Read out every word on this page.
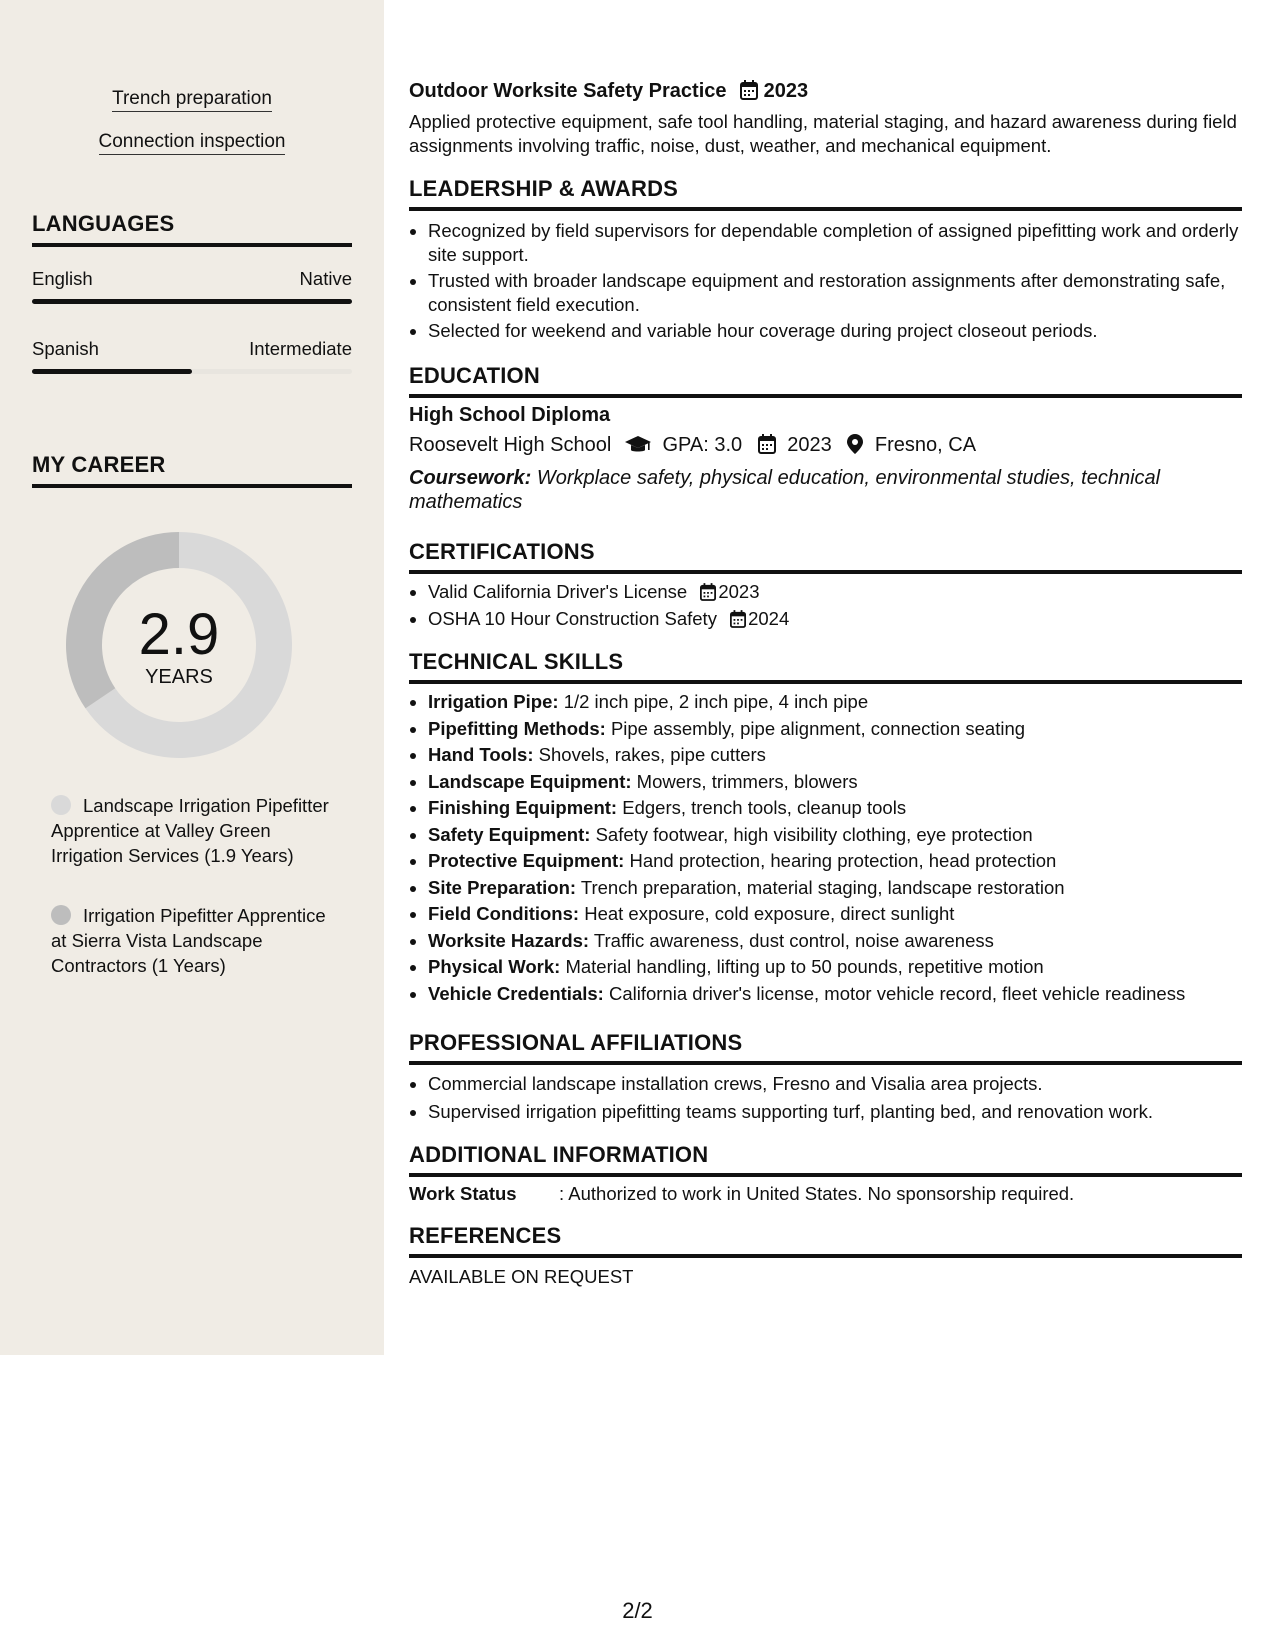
Trench preparation
Connection inspection
LANGUAGES
English	Native
Spanish	Intermediate
MY CAREER
2.9
YEARS
Landscape Irrigation Pipefitter Apprentice at Valley Green Irrigation Services (1.9 Years)
Irrigation Pipefitter Apprentice at Sierra Vista Landscape Contractors (1 Years)
Outdoor Worksite Safety Practice 2023
Applied protective equipment, safe tool handling, material staging, and hazard awareness during field assignments involving traffic, noise, dust, weather, and mechanical equipment.
LEADERSHIP & AWARDS
• Recognized by field supervisors for dependable completion of assigned pipefitting work and orderly site support.
• Trusted with broader landscape equipment and restoration assignments after demonstrating safe, consistent field execution.
• Selected for weekend and variable hour coverage during project closeout periods.
EDUCATION
High School Diploma
Roosevelt High School	GPA: 3.0 2023 Fresno, CA
Coursework: Workplace safety, physical education, environmental studies, technical mathematics
CERTIFICATIONS
• Valid California Driver's License 2023
• OSHA 10 Hour Construction Safety 2024
TECHNICAL SKILLS
• Irrigation Pipe: 1/2 inch pipe, 2 inch pipe, 4 inch pipe
• Pipefitting Methods: Pipe assembly, pipe alignment, connection seating
• Hand Tools: Shovels, rakes, pipe cutters
• Landscape Equipment: Mowers, trimmers, blowers
• Finishing Equipment: Edgers, trench tools, cleanup tools
• Safety Equipment: Safety footwear, high visibility clothing, eye protection
• Protective Equipment: Hand protection, hearing protection, head protection
• Site Preparation: Trench preparation, material staging, landscape restoration
• Field Conditions: Heat exposure, cold exposure, direct sunlight
• Worksite Hazards: Traffic awareness, dust control, noise awareness
• Physical Work: Material handling, lifting up to 50 pounds, repetitive motion
• Vehicle Credentials: California driver's license, motor vehicle record, fleet vehicle readiness
PROFESSIONAL AFFILIATIONS
• Commercial landscape installation crews, Fresno and Visalia area projects.
• Supervised irrigation pipefitting teams supporting turf, planting bed, and renovation work.
ADDITIONAL INFORMATION
Work Status : Authorized to work in United States. No sponsorship required.
REFERENCES
AVAILABLE ON REQUEST
2/2
